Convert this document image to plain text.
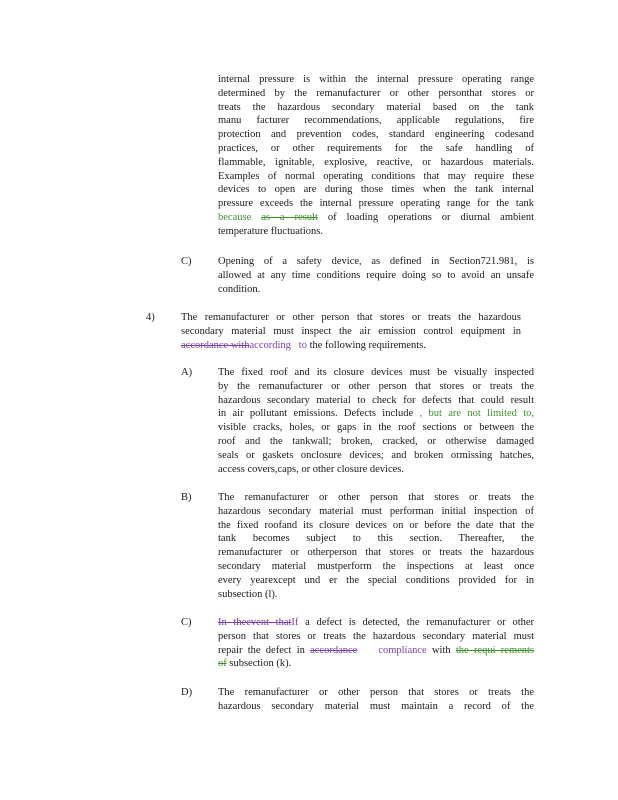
internal pressure is within the internal pressure operating range
determined by the remanufacturer or other personthat stores or
treats the hazardous secondary material based on the tank
manu facturer recommendations, applicable regulations, fire
protection and prevention codes, standard engineering codesand
practices, or other requirements for the safe handling of
flammable, ignitable, explosive, reactive, or hazardous materials.
Examples of normal operating conditions that may require these
devices to open are during those times when the tank internal
pressure exceeds the internal pressure operating range for the tank
because as a result of loading operations or diurnal ambient
temperature fluctuations.
C)	Opening of a safety device, as defined in Section721.981, is
allowed at any time conditions require doing so to avoid an unsafe
condition.
4)	The remanufacturer or other person that stores or treats the hazardous
secondary material must inspect the air emission control equipment in
accordance withaccording to the following requirements.
A) The fixed roof and its closure devices must be visually inspected
by the remanufacturer or other person that stores or treats the
hazardous secondary material to check for defects that could result
in air pollutant emissions. Defects include , but are not limited to,
visible cracks, holes, or gaps in the roof sections or between the
roof and the tankwall; broken, cracked, or otherwise damaged
seals or gaskets onclosure devices; and broken ormissing hatches,
access covers,caps, or other closure devices.
B)	The remanufacturer or other person that stores or treats the
hazardous secondary material must performan initial inspection of
the fixed roofand its closure devices on or before the date that the
tank becomes subject to this section. Thereafter, the
remanufacturer or otherperson that stores or treats the hazardous
secondary material mustperform the inspections at least once
every yearexcept und er the special conditions provided for in
subsection (l).
C)	In theevent thatIf a defect is detected, the remanufacturer or other
person that stores or treats the hazardous secondary material must
repair the defect in accordance compliance with the requi rements
of subsection (k).
D) The remanufacturer or other person that stores or treats the
hazardous secondary material must maintain a record of the
